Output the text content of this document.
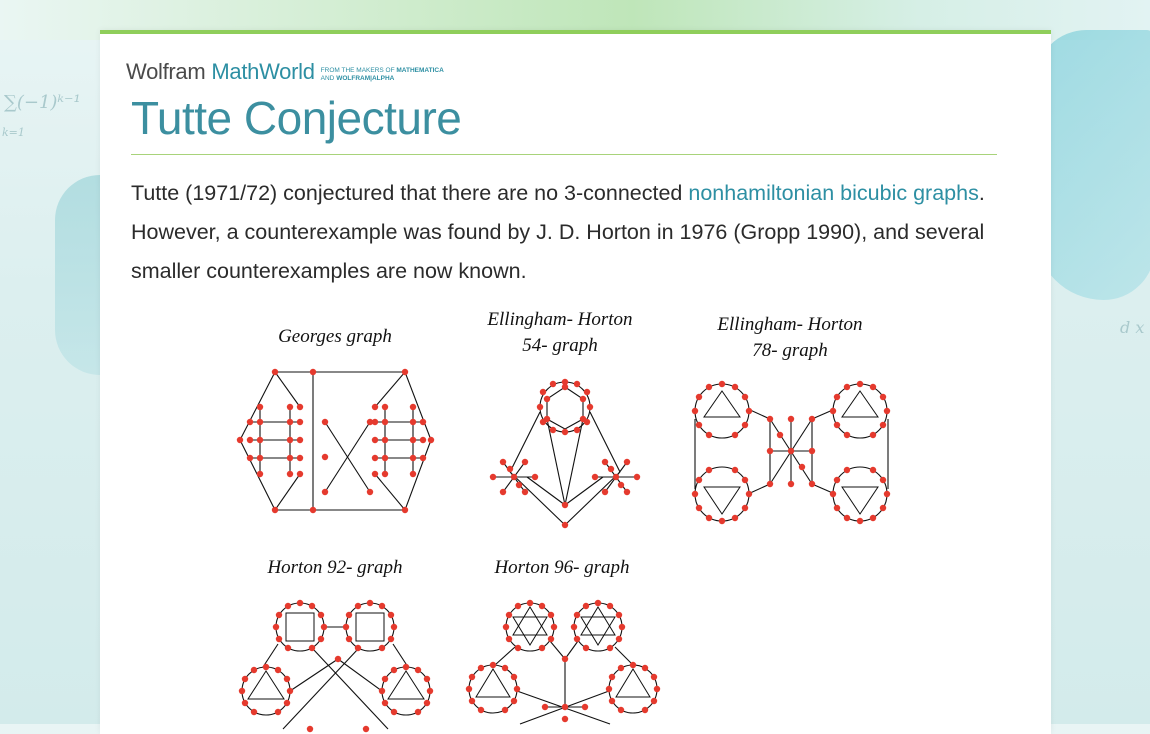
∑(−1)ᵏ⁻¹
k=1
d x
Wolfram MathWorld FROM THE MAKERS OF MATHEMATICA
AND WOLFRAM|ALPHA
Tutte Conjecture

Tutte (1971/72) conjectured that there are no 3-connected nonhamiltonian bicubic graphs. However, a counterexample was found by J. D. Horton in 1976 (Gropp 1990), and several smaller counterexamples are now known.

Georges graph
Ellingham- Horton
54- graph
Ellingham- Horton
78- graph
Horton 92- graph	Horton 96- graph
